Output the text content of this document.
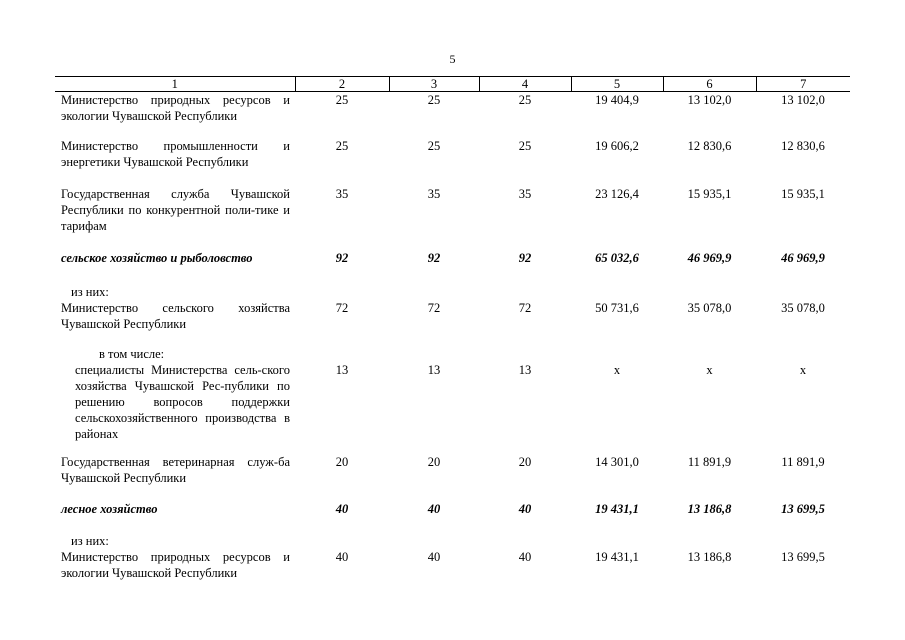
5
1	2	3	4	5	6	7
Министерство природных ресурсов и экологии Чувашской Республики	25	25	25	19 404,9	13 102,0	13 102,0
Министерство промышленности и энергетики Чувашской Республики	25	25	25	19 606,2	12 830,6	12 830,6
Государственная служба Чувашской Республики по конкурентной поли-тике и тарифам	35	35	35	23 126,4	15 935,1	15 935,1
сельское хозяйство и рыболовство	92	92	92	65 032,6	46 969,9	46 969,9

из них:
Министерство сельского хозяйства Чувашской Республики	72	72	72	50 731,6	35 078,0	35 078,0

в том числе:
специалисты Министерства сель-ского хозяйства Чувашской Рес-публики по решению вопросов поддержки сельскохозяйственного производства в районах	13	13	13	х	х	х
Государственная ветеринарная служ-ба Чувашской Республики	20	20	20	14 301,0	11 891,9	11 891,9
лесное хозяйство	40	40	40	19 431,1	13 186,8	13 699,5

из них:
Министерство природных ресурсов и экологии Чувашской Республики	40	40	40	19 431,1	13 186,8	13 699,5
